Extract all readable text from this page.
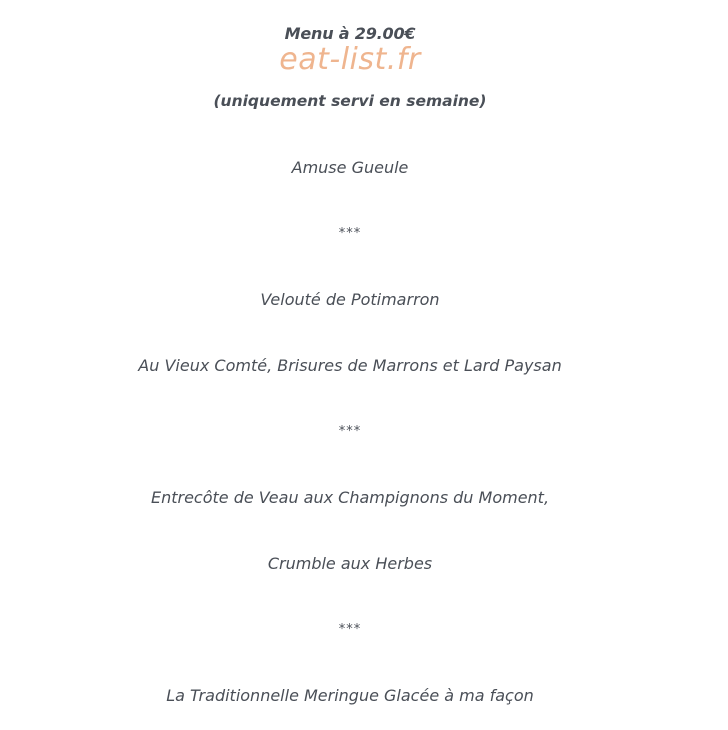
Menu à 29.00€
eat-list.fr
(uniquement servi en semaine)
Amuse Gueule
***
Velouté de Potimarron
Au Vieux Comté, Brisures de Marrons et Lard Paysan
***
Entrecôte de Veau aux Champignons du Moment,
Crumble aux Herbes
***
La Traditionnelle Meringue Glacée à ma façon
